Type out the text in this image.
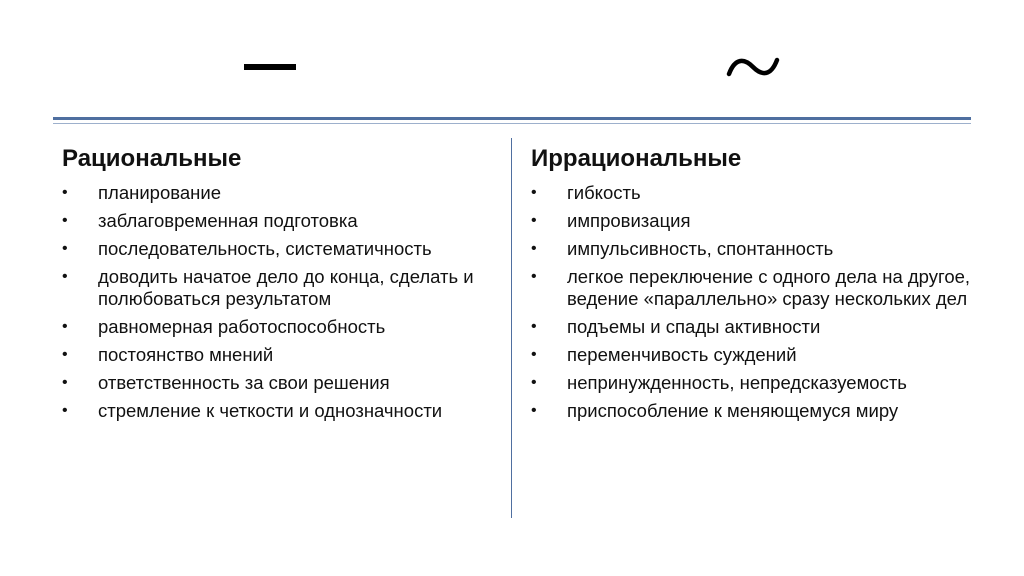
Рациональные
• планирование
• заблаговременная подготовка
• последовательность, систематичность
• доводить начатое дело до конца, сделать и полюбоваться результатом
• равномерная работоспособность
• постоянство мнений
• ответственность за свои решения
• стремление к четкости и однозначности
Иррациональные
• гибкость
• импровизация
• импульсивность, спонтанность
• легкое переключение с одного дела на другое, ведение «параллельно» сразу нескольких дел
• подъемы и спады активности
• переменчивость суждений
• непринужденность, непредсказуемость
• приспособление к меняющемуся миру
